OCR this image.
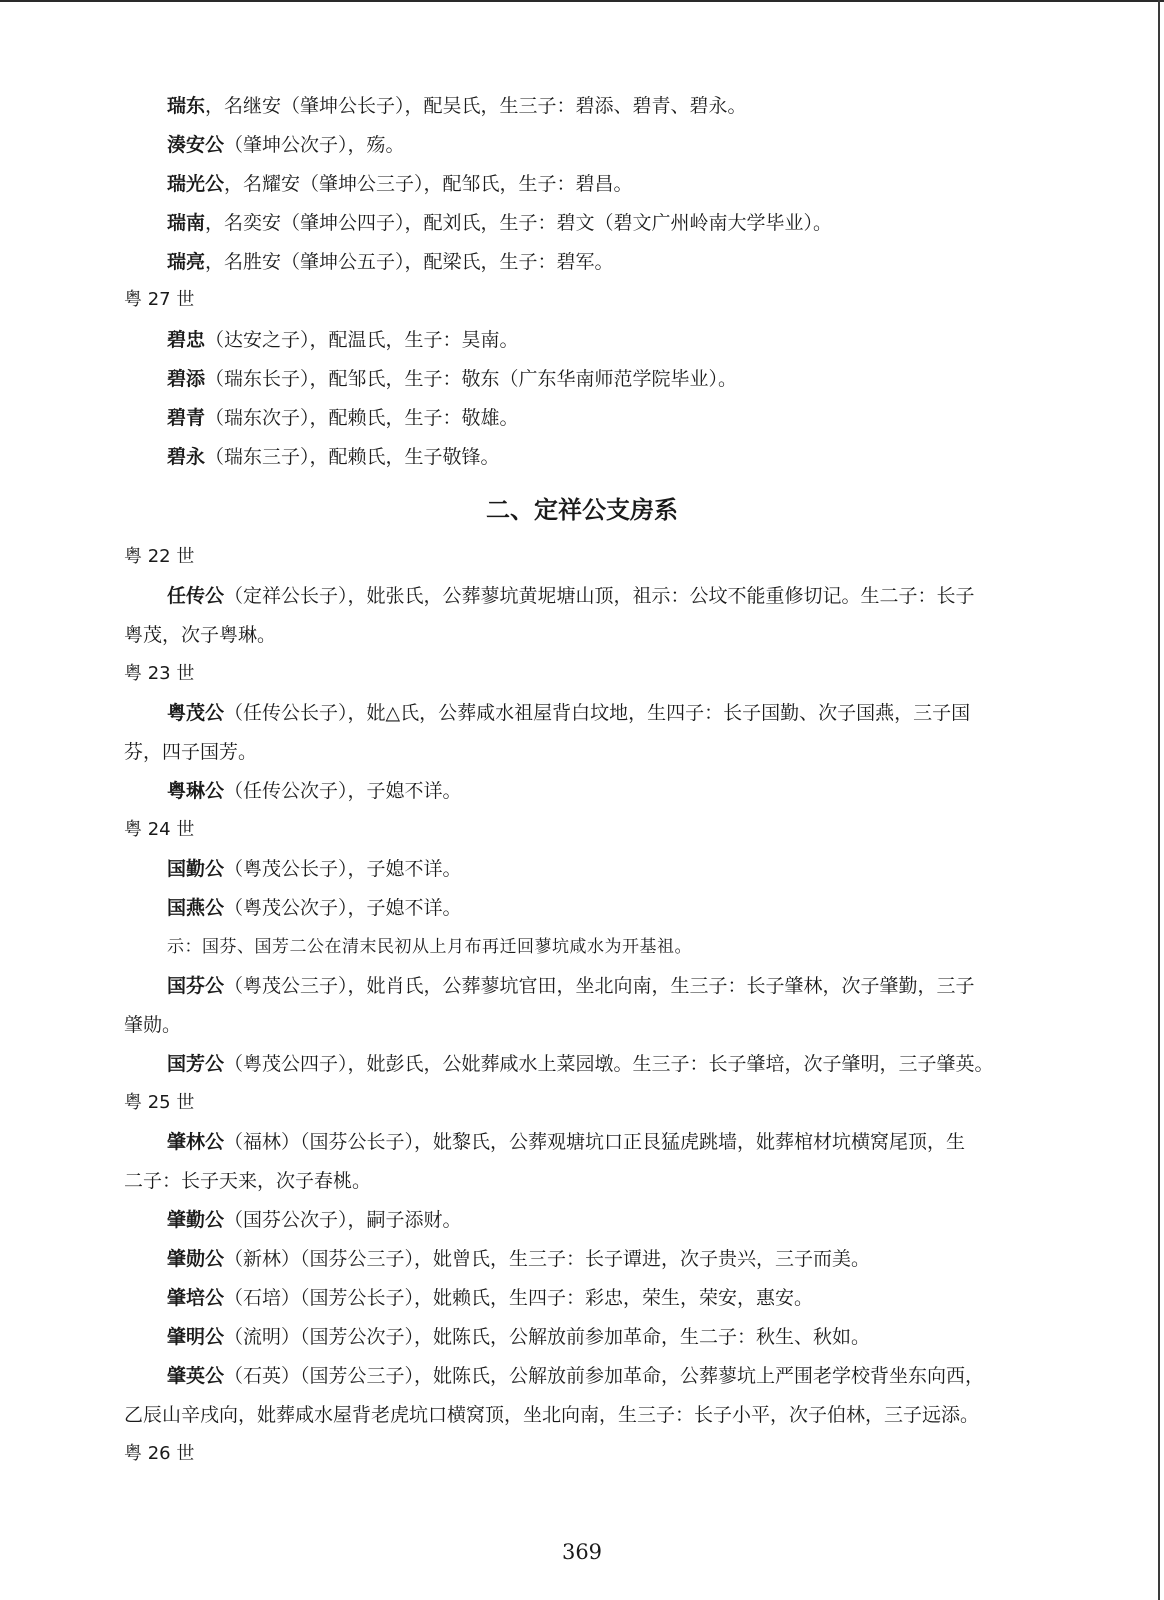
瑞东，名继安（肇坤公长子），配吴氏，生三子：碧添、碧青、碧永。
湊安公（肇坤公次子），殇。
瑞光公，名耀安（肇坤公三子），配邹氏，生子：碧昌。
瑞南，名奕安（肇坤公四子），配刘氏，生子：碧文（碧文广州岭南大学毕业）。
瑞亮，名胜安（肇坤公五子），配梁氏，生子：碧军。
粤 27 世
碧忠（达安之子），配温氏，生子：昊南。
碧添（瑞东长子），配邹氏，生子：敬东（广东华南师范学院毕业）。
碧青（瑞东次子），配赖氏，生子：敬雄。
碧永（瑞东三子），配赖氏，生子敬锋。
二、定祥公支房系
粤 22 世
任传公（定祥公长子），妣张氏，公葬蓼坑黄坭塘山顶，祖示：公坟不能重修切记。生二子：长子
粤茂，次子粤琳。
粤 23 世
粤茂公（任传公长子），妣△氏，公葬咸水祖屋背白坟地，生四子：长子国勤、次子国燕，三子国
芬，四子国芳。
粤琳公（任传公次子），子媳不详。
粤 24 世
国勤公（粤茂公长子），子媳不详。
国燕公（粤茂公次子），子媳不详。
示：国芬、国芳二公在清末民初从上月布再迁回蓼坑咸水为开基祖。
国芬公（粤茂公三子），妣肖氏，公葬蓼坑官田，坐北向南，生三子：长子肇林，次子肇勤，三子
肇勋。
国芳公（粤茂公四子），妣彭氏，公妣葬咸水上菜园墩。生三子：长子肇培，次子肇明，三子肇英。
粤 25 世
肇林公（福林）（国芬公长子），妣黎氏，公葬观塘坑口正艮猛虎跳墙，妣葬棺材坑横窝尾顶，生
二子：长子天来，次子春桃。
肇勤公（国芬公次子），嗣子添财。
肇勋公（新林）（国芬公三子），妣曾氏，生三子：长子谭进，次子贵兴，三子而美。
肇培公（石培）（国芳公长子），妣赖氏，生四子：彩忠，荣生，荣安，惠安。
肇明公（流明）（国芳公次子），妣陈氏，公解放前参加革命，生二子：秋生、秋如。
肇英公（石英）（国芳公三子），妣陈氏，公解放前参加革命，公葬蓼坑上严围老学校背坐东向西，
乙辰山辛戌向，妣葬咸水屋背老虎坑口横窝顶，坐北向南，生三子：长子小平，次子伯林，三子远添。
粤 26 世
369
